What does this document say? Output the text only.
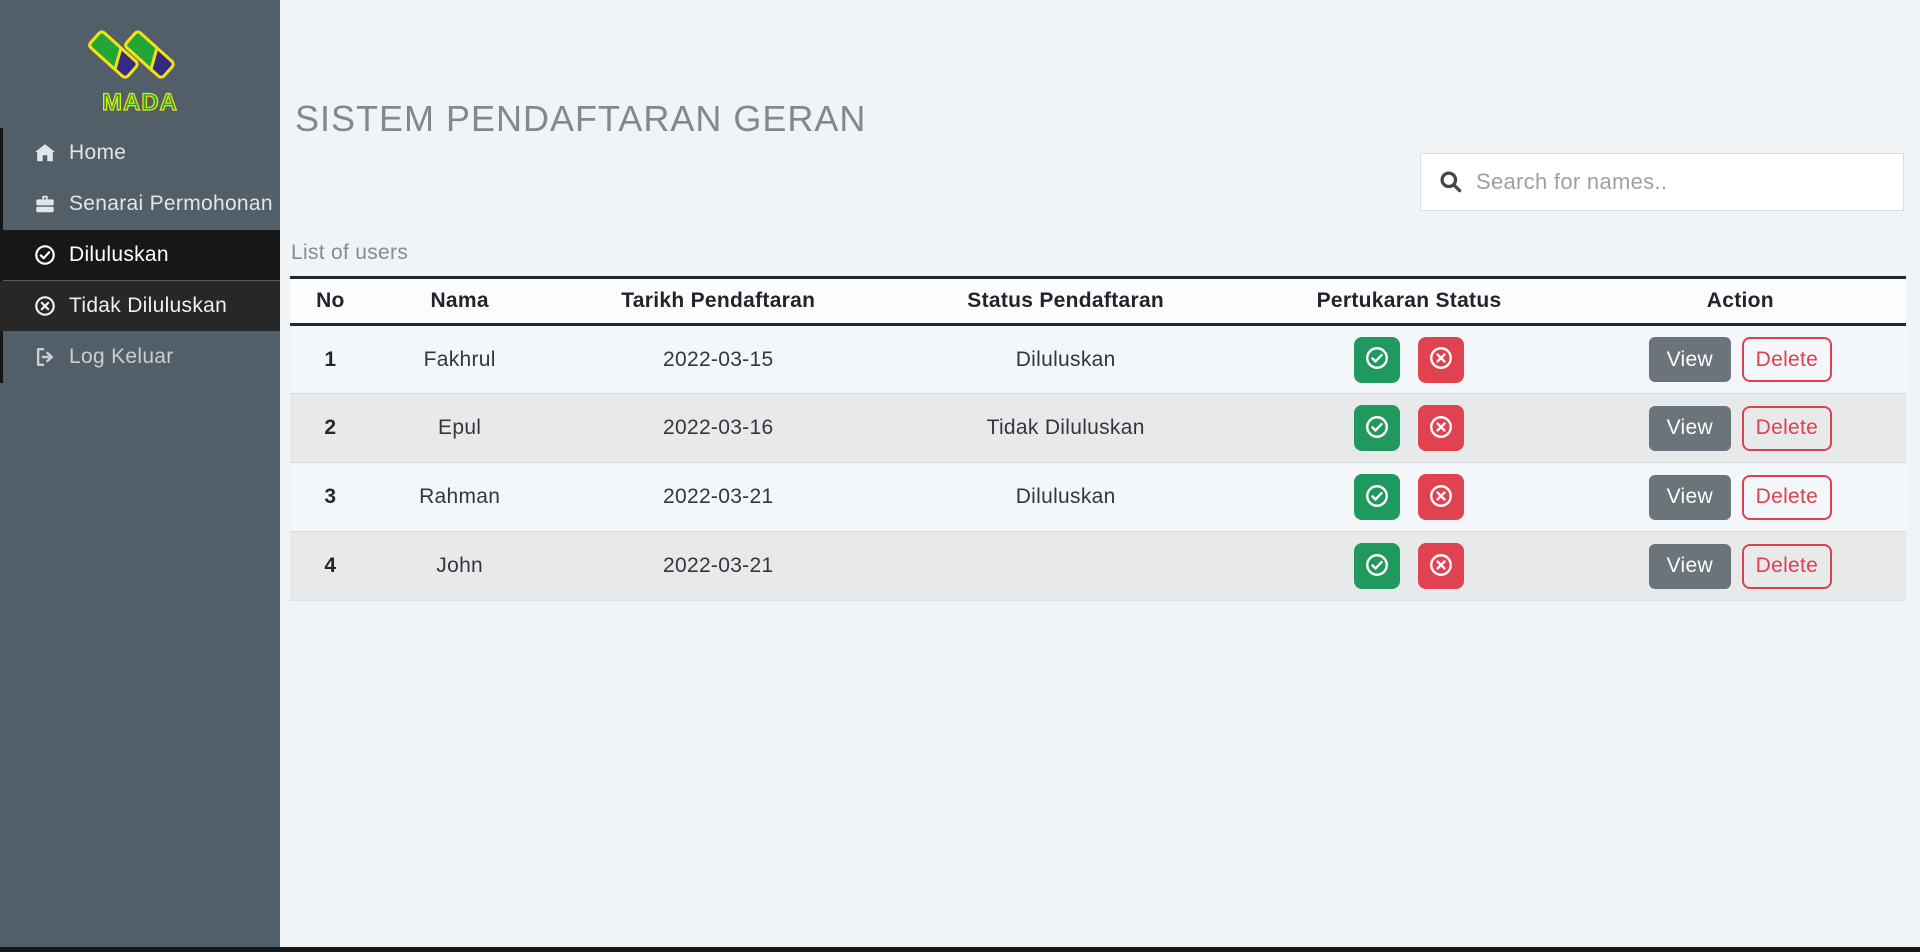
MADA
Home
Senarai Permohonan
Diluluskan
Tidak Diluluskan
Log Keluar
SISTEM PENDAFTARAN GERAN
Search for names..
List of users
No	Nama	Tarikh Pendaftaran	Status Pendaftaran	Pertukaran Status	Action
1	Fakhrul	2022-03-15	Diluluskan		View Delete
2	Epul	2022-03-16	Tidak Diluluskan		View Delete
3	Rahman	2022-03-21	Diluluskan		View Delete
4	John	2022-03-21			View Delete
